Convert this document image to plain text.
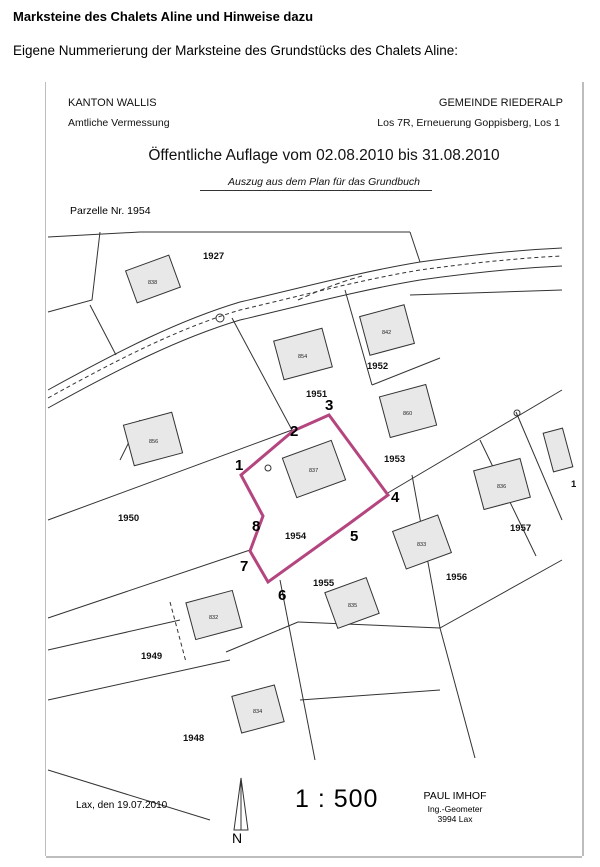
Marksteine des Chalets Aline und Hinweise dazu
Eigene Nummerierung der Marksteine des Grundstücks des Chalets Aline:
KANTON WALLIS
Amtliche Vermessung
GEMEINDE RIEDERALP
Los 7R, Erneuerung Goppisberg, Los 1
Öffentliche Auflage vom 02.08.2010 bis 31.08.2010
Auszug aus dem Plan für das Grundbuch
Parzelle Nr. 1954
1927
1951
1952
1953
1950
1954
1955
1956
1957
1949
1948
1
838
854
842
860
856
837
836
833
835
832
834
1
2
3
4
5
6
7
8
Lax, den 19.07.2010	1 : 500	PAUL IMHOF
Ing.-Geometer
3994 Lax
N
